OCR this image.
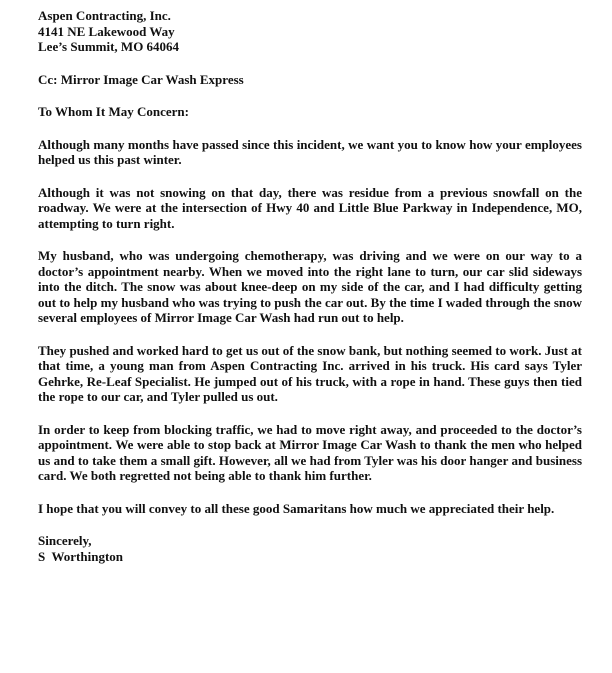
Aspen Contracting, Inc.
4141 NE Lakewood Way
Lee’s Summit, MO 64064
Cc: Mirror Image Car Wash Express
To Whom It May Concern:

Although many months have passed since this incident, we want you to know how your employees helped us this past winter.

Although it was not snowing on that day, there was residue from a previous snowfall on the roadway. We were at the intersection of Hwy 40 and Little Blue Parkway in Independence, MO, attempting to turn right.

My husband, who was undergoing chemotherapy, was driving and we were on our way to a doctor’s appointment nearby. When we moved into the right lane to turn, our car slid sideways into the ditch. The snow was about knee-deep on my side of the car, and I had difficulty getting out to help my husband who was trying to push the car out. By the time I waded through the snow several employees of Mirror Image Car Wash had run out to help.

They pushed and worked hard to get us out of the snow bank, but nothing seemed to work. Just at that time, a young man from Aspen Contracting Inc. arrived in his truck. His card says Tyler Gehrke, Re-Leaf Specialist. He jumped out of his truck, with a rope in hand. These guys then tied the rope to our car, and Tyler pulled us out.

In order to keep from blocking traffic, we had to move right away, and proceeded to the doctor’s appointment. We were able to stop back at Mirror Image Car Wash to thank the men who helped us and to take them a small gift. However, all we had from Tyler was his door hanger and business card. We both regretted not being able to thank him further.

I hope that you will convey to all these good Samaritans how much we appreciated their help.

Sincerely,
S  Worthington
